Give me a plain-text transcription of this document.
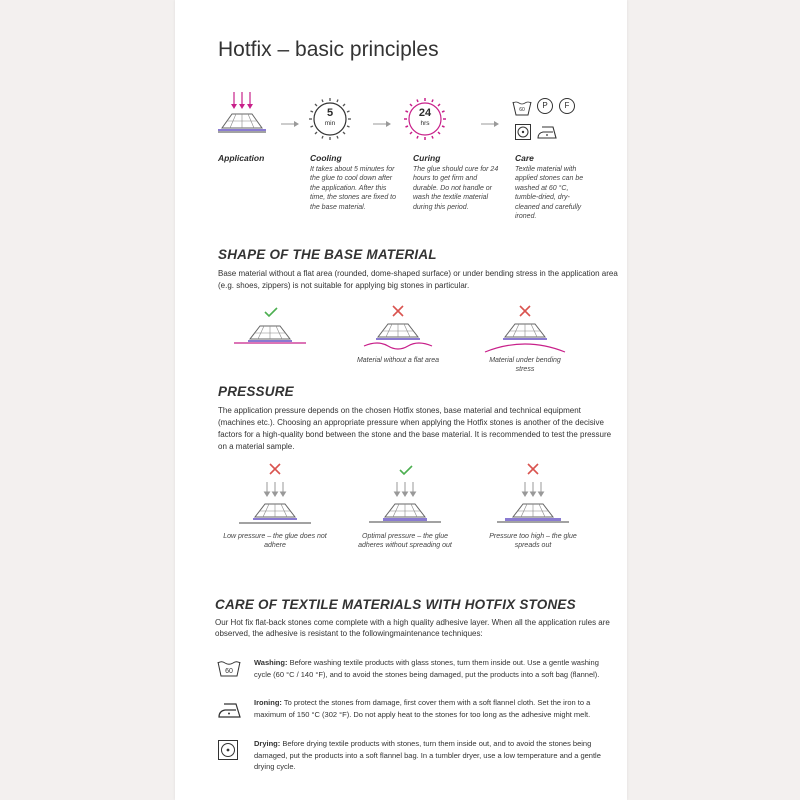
Hotfix – basic principles
5
min
24
hrs
60	P	F
Application	Cooling
It takes about 5 minutes for the glue to cool down after the application. After this time, the stones are fixed to the base material.
Curing
The glue should cure for 24 hours to get firm and durable. Do not handle or wash the textile material during this period.
Care
Textile material with applied stones can be washed at 60 °C, tumble-dried, dry-cleaned and carefully ironed.
SHAPE OF THE BASE MATERIAL
Base material without a flat area (rounded, dome-shaped surface) or under bending stress in the application area (e.g. shoes, zippers) is not suitable for applying big stones in particular.
Material without a flat area	Material under bending stress
PRESSURE
The application pressure depends on the chosen Hotfix stones, base material and technical equipment (machines etc.). Choosing an appropriate pressure when applying the Hotfix stones is another of the decisive factors for a high-quality bond between the stone and the base material. It is recommended to test the pressure on a material sample.
Low pressure – the glue does not adhere
Optimal pressure – the glue adheres without spreading out
Pressure too high – the glue spreads out
CARE OF TEXTILE MATERIALS WITH HOTFIX STONES
Our Hot fix flat-back stones come complete with a high quality adhesive layer. When all the application rules are observed, the adhesive is resistant to the followingmaintenance techniques:
60
Washing: Before washing textile products with glass stones, turn them inside out. Use a gentle washing cycle (60 °C / 140 °F), and to avoid the stones being damaged, put the products into a soft bag (flannel).
Ironing: To protect the stones from damage, first cover them with a soft flannel cloth. Set the iron to a maximum of 150 °C (302 °F). Do not apply heat to the stones for too long as the adhesive might melt.
Drying: Before drying textile products with stones, turn them inside out, and to avoid the stones being damaged, put the products into a soft flannel bag. In a tumbler dryer, use a low temperature and a gentle drying cycle.
